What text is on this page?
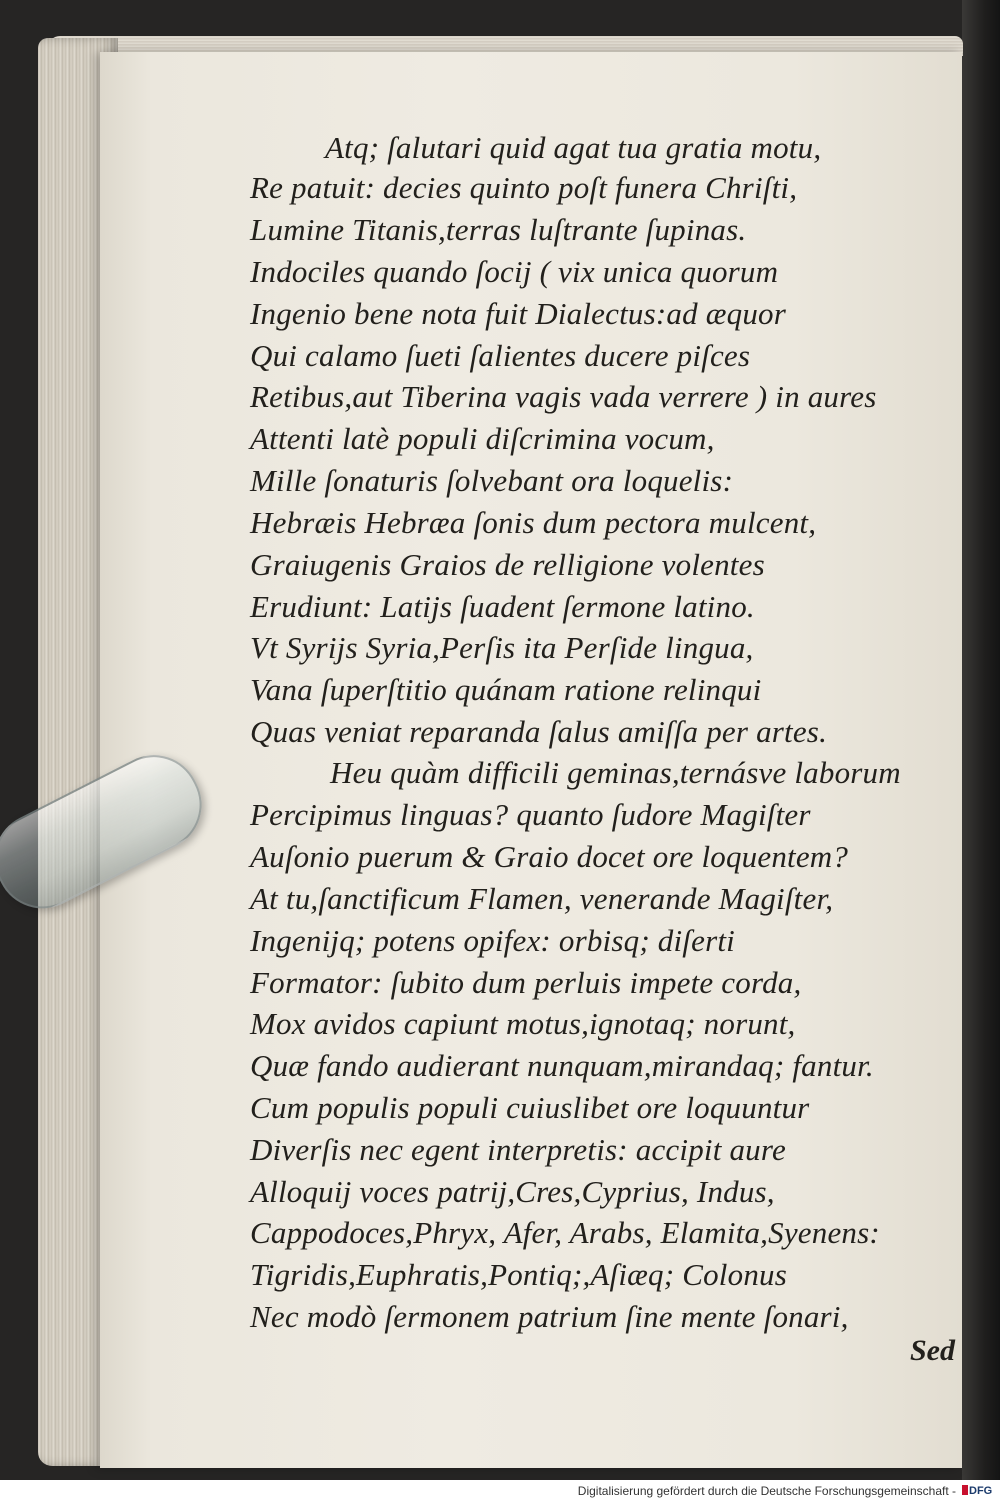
Atq; ſalutari quid agat tua gratia motu,
Re patuit: decies quinto poſt funera Chriſti,
Lumine Titanis,terras luſtrante ſupinas.
Indociles quando ſocij ( vix unica quorum
Ingenio bene nota fuit Dialectus:ad æquor
Qui calamo ſueti ſalientes ducere piſces
Retibus,aut Tiberina vagis vada verrere ) in aures
Attenti latè populi diſcrimina vocum,
Mille ſonaturis ſolvebant ora loquelis:
Hebræis Hebræa ſonis dum pectora mulcent,
Graiugenis Graios de relligione volentes
Erudiunt: Latijs ſuadent ſermone latino.
Vt Syrijs Syria,Perſis ita Perſide lingua,
Vana ſuperſtitio quánam ratione relinqui
Quas veniat reparanda ſalus amiſſa per artes.
Heu quàm difficili geminas,ternásve laborum
Percipimus linguas? quanto ſudore Magiſter
Auſonio puerum & Graio docet ore loquentem?
At tu,ſanctificum Flamen, venerande Magiſter,
Ingenijq; potens opifex: orbisq; diſerti
Formator: ſubito dum perluis impete corda,
Mox avidos capiunt motus,ignotaq; norunt,
Quæ fando audierant nunquam,mirandaq; fantur.
Cum populis populi cuiuslibet ore loquuntur
Diverſis nec egent interpretis: accipit aure
Alloquij voces patrij,Cres,Cyprius, Indus,
Cappodoces,Phryx, Afer, Arabs, Elamita,Syenens:
Tigridis,Euphratis,Pontiq;,Aſiæq; Colonus
Nec modò ſermonem patrium ſine mente ſonari,
Sed
Digitalisierung gefördert durch die Deutsche Forschungsgemeinschaft -	DFG
